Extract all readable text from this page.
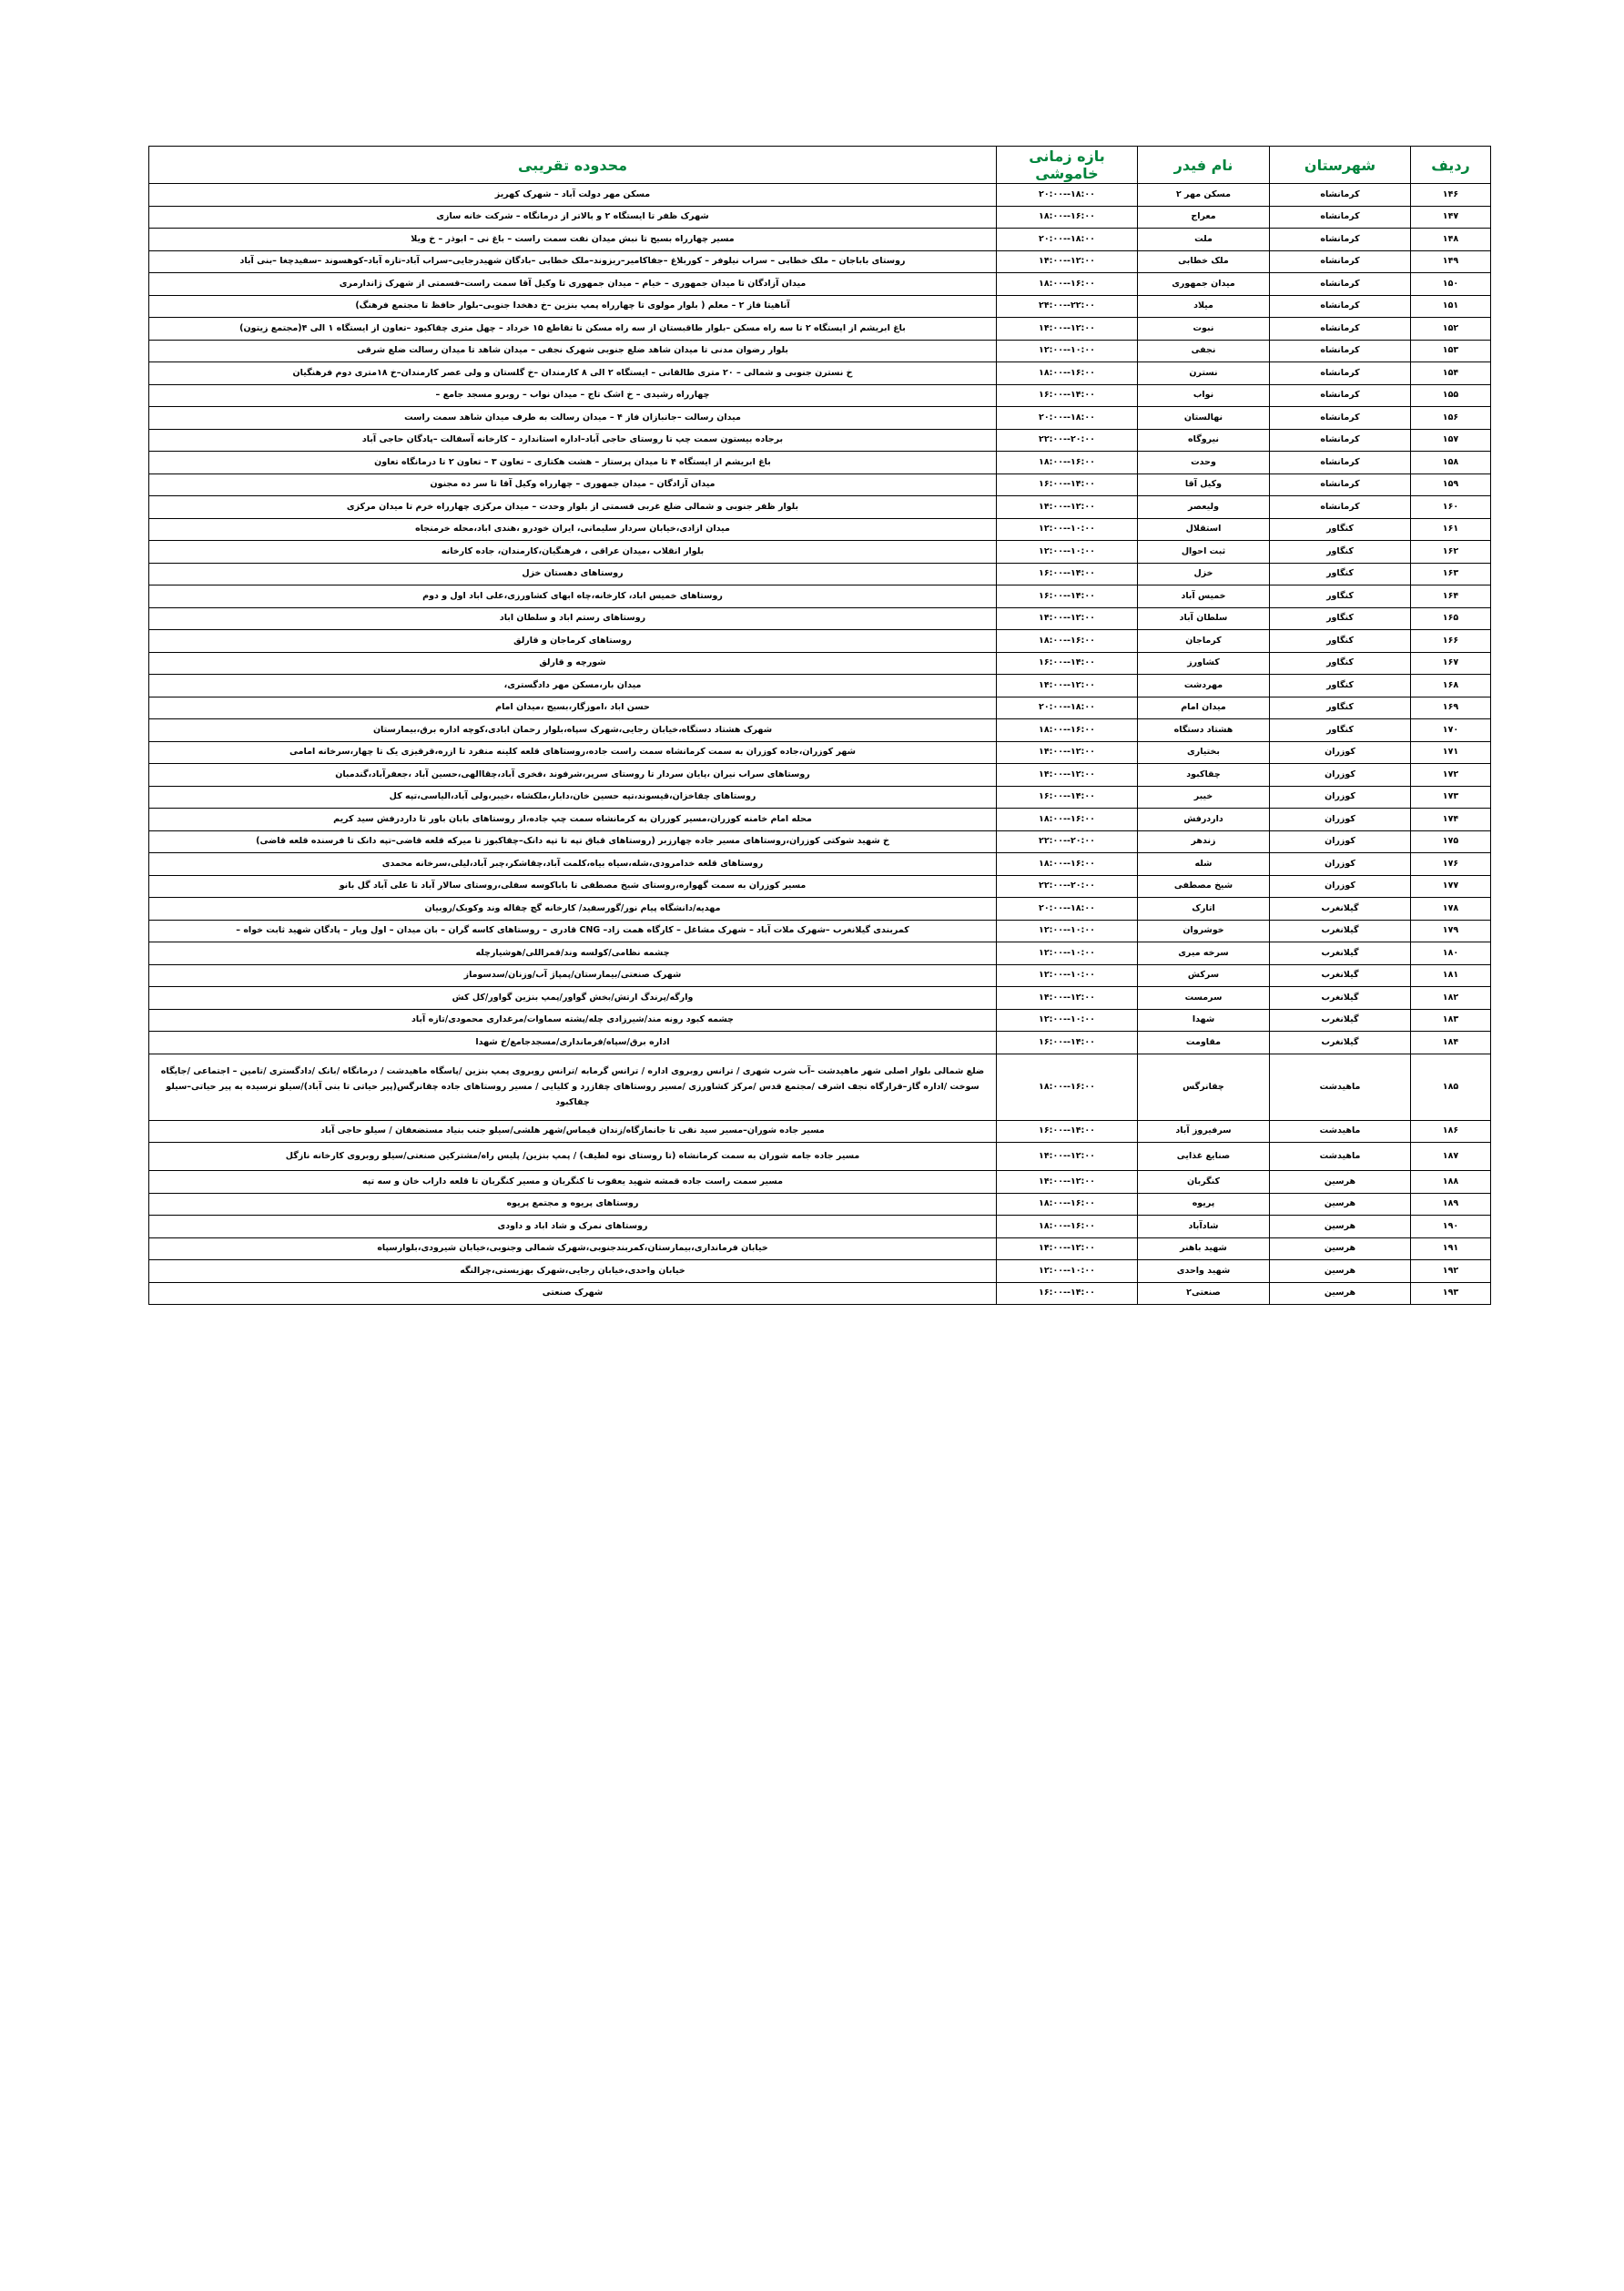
ردیف	شهرستان	نام فیدر	بازه زمانی خاموشی	محدوده تقریبی
۱۴۶	کرمانشاه	مسکن مهر ۲	۱۸:۰۰--۲۰:۰۰	مسکن مهر دولت آباد – شهرک کهریز
۱۴۷	کرمانشاه	معراج	۱۶:۰۰--۱۸:۰۰	شهرک ظفر تا ایستگاه ۲ و بالاتر از درمانگاه – شرکت خانه سازی
۱۴۸	کرمانشاه	ملت	۱۸:۰۰--۲۰:۰۰	مسیر چهارراه بسیج تا نبش میدان نفت سمت راست – باغ نی – ابوذر – خ ویلا
۱۴۹	کرمانشاه	ملک خطابی	۱۲:۰۰--۱۴:۰۰	روستای باباجان – ملک خطابی – سراب نیلوفر – کوربلاغ –جفاکامیر–ریزوند–ملک خطابی –بادگان شهیدرجایی–سراب آباد–تازه آباد–کوهسوند –سفیدچغا –بنی آباد
۱۵۰	کرمانشاه	میدان جمهوری	۱۶:۰۰--۱۸:۰۰	میدان آزادگان تا میدان جمهوری – خیام – میدان جمهوری تا وکیل آقا سمت راست–قسمتی از شهرک ژاندارمری
۱۵۱	کرمانشاه	میلاد	۲۲:۰۰--۲۴:۰۰	آناهیتا فاز ۲ – معلم ( بلوار مولوی تا چهارراه پمپ بنزین –خ دهخدا جنوبی–بلوار حافظ تا مجتمع فرهنگ)
۱۵۲	کرمانشاه	نبوت	۱۲:۰۰--۱۴:۰۰	باغ ابریشم از ایستگاه ۲ تا سه راه مسکن –بلوار طاقبستان از سه راه مسکن تا تقاطع ۱۵ خرداد – چهل متری چقاکبود –تعاون از ایستگاه ۱ الی ۴(مجتمع زیتون)
۱۵۳	کرمانشاه	نجفی	۱۰:۰۰--۱۲:۰۰	بلوار رضوان مدنی تا میدان شاهد ضلع جنوبی شهرک نجفی – میدان شاهد تا میدان رسالت ضلع شرقی
۱۵۴	کرمانشاه	نسترن	۱۶:۰۰--۱۸:۰۰	خ نسترن جنوبی و شمالی – ۲۰ متری طالقانی – ایستگاه ۲ الی ۸ کارمندان –خ گلستان و ولی عصر کارمندان–خ ۱۸متری دوم فرهنگیان
۱۵۵	کرمانشاه	نواب	۱۴:۰۰--۱۶:۰۰	چهارراه رشیدی – خ اشک تاج – میدان نواب – روبرو مسجد جامع –
۱۵۶	کرمانشاه	نهالستان	۱۸:۰۰--۲۰:۰۰	میدان رسالت –جانبازان فاز ۴ – میدان رسالت به طرف میدان شاهد سمت راست
۱۵۷	کرمانشاه	نیروگاه	۲۰:۰۰--۲۲:۰۰	برجاده بیستون سمت چپ تا روستای حاجی آباد–اداره استاندارد – کارخانه آسفالت –پادگان حاجی آباد
۱۵۸	کرمانشاه	وحدت	۱۶:۰۰--۱۸:۰۰	باغ ابریشم از ایستگاه ۴ تا میدان پرستار – هشت هکتاری – تعاون ۳ – تعاون ۲ تا درمانگاه تعاون
۱۵۹	کرمانشاه	وکیل آقا	۱۴:۰۰--۱۶:۰۰	میدان آزادگان – میدان جمهوری – چهارراه وکیل آقا تا سر ده مجنون
۱۶۰	کرمانشاه	ولیعصر	۱۲:۰۰--۱۴:۰۰	بلوار ظفر جنوبی و شمالی ضلع غربی قسمتی از بلوار وحدت – میدان مرکزی چهارراه خرم تا میدان مرکزی
۱۶۱	کنگاور	استقلال	۱۰:۰۰--۱۲:۰۰	میدان ازادی،خیابان سردار سلیمانی، ایران خودرو ،هندی اباد،محله خرمنجاه
۱۶۲	کنگاور	ثبت احوال	۱۰:۰۰--۱۲:۰۰	بلوار انقلاب ،میدان عراقی ، فرهنگیان،کارمندان، جاده کارخانه
۱۶۳	کنگاور	خزل	۱۴:۰۰--۱۶:۰۰	روستاهای دهستان خزل
۱۶۴	کنگاور	خمیس آباد	۱۴:۰۰--۱۶:۰۰	روستاهای خمیس اباد، کارخانه،چاه ابهای کشاورزی،علی اباد اول و دوم
۱۶۵	کنگاور	سلطان آباد	۱۲:۰۰--۱۴:۰۰	روستاهای رستم اباد و سلطان اباد
۱۶۶	کنگاور	کرماجان	۱۶:۰۰--۱۸:۰۰	روستاهای کرماجان و قارلق
۱۶۷	کنگاور	کشاورز	۱۴:۰۰--۱۶:۰۰	شورچه و قارلق
۱۶۸	کنگاور	مهردشت	۱۲:۰۰--۱۴:۰۰	میدان بار،مسکن مهر دادگستری،
۱۶۹	کنگاور	میدان امام	۱۸:۰۰--۲۰:۰۰	حسن اباد ،اموزگار،بسیج ،میدان امام
۱۷۰	کنگاور	هشتاد دستگاه	۱۶:۰۰--۱۸:۰۰	شهرک هشتاد دستگاه،خیابان رجایی،شهرک سپاه،بلوار رحمان ابادی،کوچه اداره برق،بیمارستان
۱۷۱	کوزران	بختیاری	۱۲:۰۰--۱۴:۰۰	شهر کوزران،جاده کوزران به سمت کرمانشاه سمت راست جاده،روستاهای قلعه کلینه منفرد تا ازره،قرقیزی یک تا چهار،سرخانه امامی
۱۷۲	کوزران	چقاکبود	۱۲:۰۰--۱۴:۰۰	روستاهای سراب نیران ،پایان سردار تا روستای سرپر،شرفوند ،فخری آباد،چقاالهی،حسین آباد ،جعفرآباد،گندمبان
۱۷۳	کوزران	خیبر	۱۴:۰۰--۱۶:۰۰	روستاهای چقاخزان،قیسوند،تپه حسین خان،دابار،ملکشاه ،خیبر،ولی آباد،الیاسی،تپه کل
۱۷۴	کوزران	داردرفش	۱۶:۰۰--۱۸:۰۰	محله امام خامنه کوزران،مسیر کوزران به کرمانشاه سمت چپ جاده،از روستاهای بابان باور تا داردرفش سید کریم
۱۷۵	کوزران	زندهر	۲۰:۰۰--۲۲:۰۰	خ شهید شوکتی کوزران،روستاهای مسیر جاده چهارزبر (روستاهای قباق تپه تا تپه دانک–چقاکبوز تا میرکه قلعه قاضی–تپه دانک تا فرسنده قلعه قاضی)
۱۷۶	کوزران	شله	۱۶:۰۰--۱۸:۰۰	روستاهای قلعه خدامرودی،شله،سیاه بیاه،کلمت آباد،چقاشکر،چبر آباد،لیلی،سرخانه محمدی
۱۷۷	کوزران	شیخ مصطفی	۲۰:۰۰--۲۲:۰۰	مسیر کوزران به سمت گهواره،روستای شیخ مصطفی تا باباکوسه سفلی،روستای سالار آباد تا علی آباد گل بانو
۱۷۸	گیلانغرب	اتارک	۱۸:۰۰--۲۰:۰۰	مهدیه/دانشگاه پیام نور/گورسفید/ کارخانه گچ چقاله وند وکوبک/روبیان
۱۷۹	گیلانغرب	خوشروان	۱۰:۰۰--۱۲:۰۰	کمربندی گیلانغرب –شهرک ملات آباد – شهرک مشاغل – کارگاه همت زاد– CNG قادری – روستاهای کاسه گران – بان میدان – اول ویار – پادگان شهید ثابت خواه –
۱۸۰	گیلانغرب	سرخه میری	۱۰:۰۰--۱۲:۰۰	چشمه نظامی/کولسه وند/قمراللی/هوشیارچله
۱۸۱	گیلانغرب	سرکش	۱۰:۰۰--۱۲:۰۰	شهرک صنعتی/بیمارستان/پمپاژ آب/وزنان/سدسوماز
۱۸۲	گیلانغرب	سرمست	۱۲:۰۰--۱۴:۰۰	وارگه/پرندگ ارتش/بخش گواور/پمپ بنزین گواور/کل کش
۱۸۳	گیلانغرب	شهدا	۱۰:۰۰--۱۲:۰۰	چشمه کبود رونه مند/شیرزادی چله/پشته سماوات/مرغداری محمودی/تازه آباد
۱۸۴	گیلانغرب	مقاومت	۱۴:۰۰--۱۶:۰۰	اداره برق/سپاه/فرمانداری/مسجدجامع/خ شهدا
۱۸۵	ماهیدشت	چقانرگس	۱۶:۰۰--۱۸:۰۰	ضلع شمالی بلوار اصلی شهر ماهیدشت –آب شرب شهری / ترانس روبروی اداره / ترانس گرمابه /ترانس روبروی پمپ بنزین /پاسگاه ماهیدشت / درمانگاه /بانک /دادگستری /تامین – اجتماعی /جایگاه سوخت /اداره گاز–قرارگاه نجف اشرف /مجتمع قدس /مرکز کشاورزی /مسیر روستاهای چقازرد و کلیایی / مسیر روستاهای جاده چقانرگس(پیر حیاتی تا بنی آباد)/سیلو نرسیده به پیر حیاتی–سیلو چقاکبود
۱۸۶	ماهیدشت	سرفیروز آباد	۱۴:۰۰--۱۶:۰۰	مسیر جاده شوران–مسیر سید نقی تا جانمازگاه/زندان قیماس/شهر هلشی/سیلو جنب بنیاد مستضعفان / سیلو حاجی آباد
۱۸۷	ماهیدشت	صنایع غذایی	۱۲:۰۰--۱۴:۰۰	مسیر جاده جامه شوران به سمت کرمانشاه (تا روستای نوه لطیف) / پمپ بنزین/ پلیس راه/مشترکین صنعتی/سیلو روبروی کارخانه نازگل
۱۸۸	هرسین	کنگربان	۱۲:۰۰--۱۴:۰۰	مسیر سمت راست جاده قمشه شهید یعقوب تا کنگربان و مسیر کنگربان تا قلعه داراب خان و سه تپه
۱۸۹	هرسین	پریوه	۱۶:۰۰--۱۸:۰۰	روستاهای پریوه و مجتمع پریوه
۱۹۰	هرسین	شادآباد	۱۶:۰۰--۱۸:۰۰	روستاهای نمرک و شاد اباد و داودی
۱۹۱	هرسین	شهید باهنر	۱۲:۰۰--۱۴:۰۰	خیابان فرمانداری،بیمارستان،کمربندجنوبی،شهرک شمالی وجنوبی،خیابان شیرودی،بلوارسپاه
۱۹۲	هرسین	شهید واحدی	۱۰:۰۰--۱۲:۰۰	خیابان واحدی،خیابان رجایی،شهرک بهزیستی،چرالنگه
۱۹۳	هرسین	صنعتی۲	۱۴:۰۰--۱۶:۰۰	شهرک صنعتی
